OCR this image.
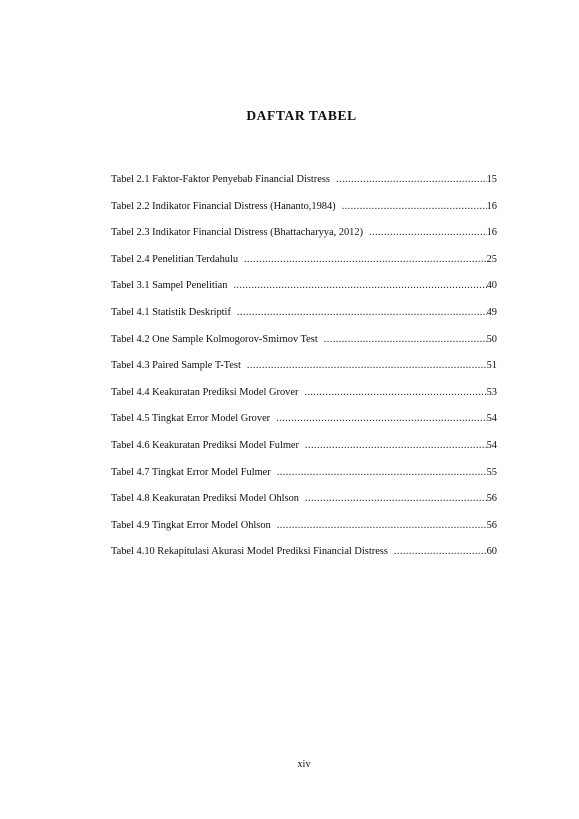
DAFTAR TABEL
Tabel 2.1 Faktor-Faktor Penyebab Financial Distress .....	15
Tabel 2.2 Indikator Financial Distress (Hananto,1984) .....	16
Tabel 2.3 Indikator Financial Distress (Bhattacharyya, 2012) .....	16
Tabel 2.4 Penelitian Terdahulu .....	25
Tabel 3.1 Sampel Penelitian .....	40
Tabel 4.1 Statistik Deskriptif .....	49
Tabel 4.2 One Sample Kolmogorov-Smirnov Test .....	50
Tabel 4.3 Paired Sample T-Test .....	51
Tabel 4.4 Keakuratan Prediksi Model Grover .....	53
Tabel 4.5 Tingkat Error Model Grover .....	54
Tabel 4.6 Keakuratan Prediksi Model Fulmer .....	54
Tabel 4.7 Tingkat Error Model Fulmer .....	55
Tabel 4.8 Keakuratan Prediksi Model Ohlson .....	56
Tabel 4.9 Tingkat Error Model Ohlson .....	56
Tabel 4.10 Rekapitulasi Akurasi Model Prediksi Financial Distress .....	60
xiv
